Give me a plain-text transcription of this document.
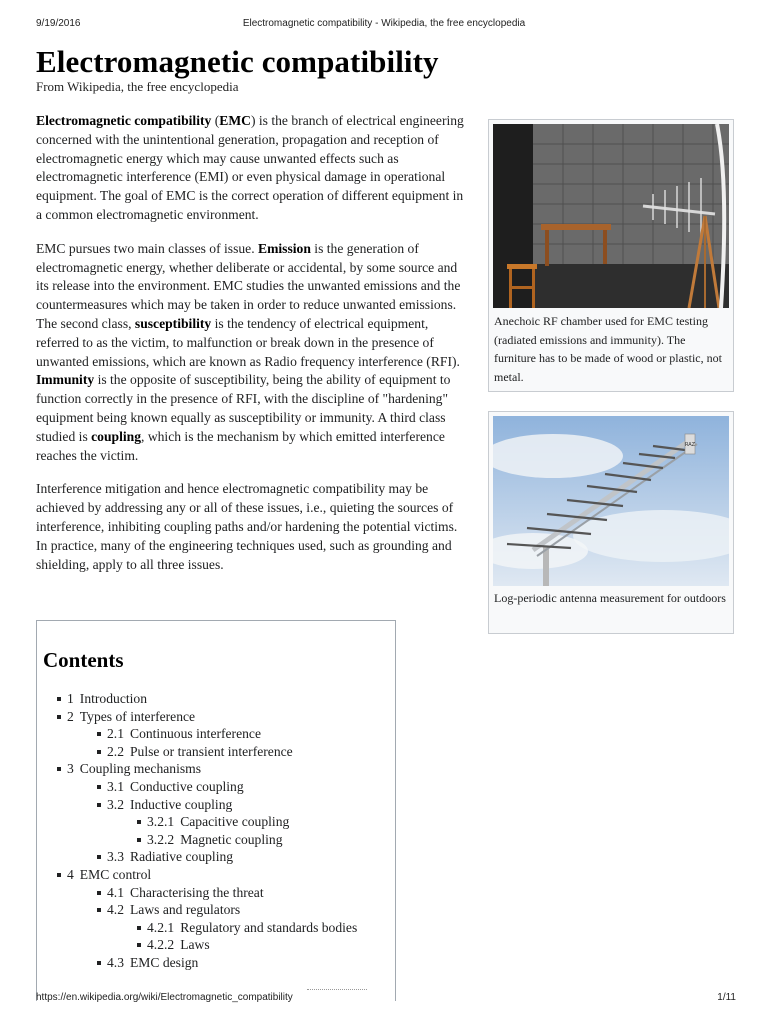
9/19/2016	Electromagnetic compatibility - Wikipedia, the free encyclopedia
Electromagnetic compatibility
From Wikipedia, the free encyclopedia

Electromagnetic compatibility (EMC) is the branch of electrical engineering concerned with the unintentional generation, propagation and reception of electromagnetic energy which may cause unwanted effects such as electromagnetic interference (EMI) or even physical damage in operational equipment. The goal of EMC is the correct operation of different equipment in a common electromagnetic environment.

EMC pursues two main classes of issue. Emission is the generation of electromagnetic energy, whether deliberate or accidental, by some source and its release into the environment. EMC studies the unwanted emissions and the countermeasures which may be taken in order to reduce unwanted emissions. The second class, susceptibility is the tendency of electrical equipment, referred to as the victim, to malfunction or break down in the presence of unwanted emissions, which are known as Radio frequency interference (RFI). Immunity is the opposite of susceptibility, being the ability of equipment to function correctly in the presence of RFI, with the discipline of "hardening" equipment being known equally as susceptibility or immunity. A third class studied is coupling, which is the mechanism by which emitted interference reaches the victim.

Interference mitigation and hence electromagnetic compatibility may be achieved by addressing any or all of these issues, i.e., quieting the sources of interference, inhibiting coupling paths and/or hardening the potential victims. In practice, many of the engineering techniques used, such as grounding and shielding, apply to all three issues.

Anechoic RF chamber used for EMC testing (radiated emissions and immunity). The furniture has to be made of wood or plastic, not metal.
RAZ
Log-periodic antenna measurement for outdoors
Contents
1 Introduction
2 Types of interference
2.1 Continuous interference
2.2 Pulse or transient interference
3 Coupling mechanisms
3.1 Conductive coupling
3.2 Inductive coupling
3.2.1 Capacitive coupling
3.2.2 Magnetic coupling
3.3 Radiative coupling
4 EMC control
4.1 Characterising the threat
4.2 Laws and regulators
4.2.1 Regulatory and standards bodies
4.2.2 Laws
4.3 EMC design
https://en.wikipedia.org/wiki/Electromagnetic_compatibility	1/11
